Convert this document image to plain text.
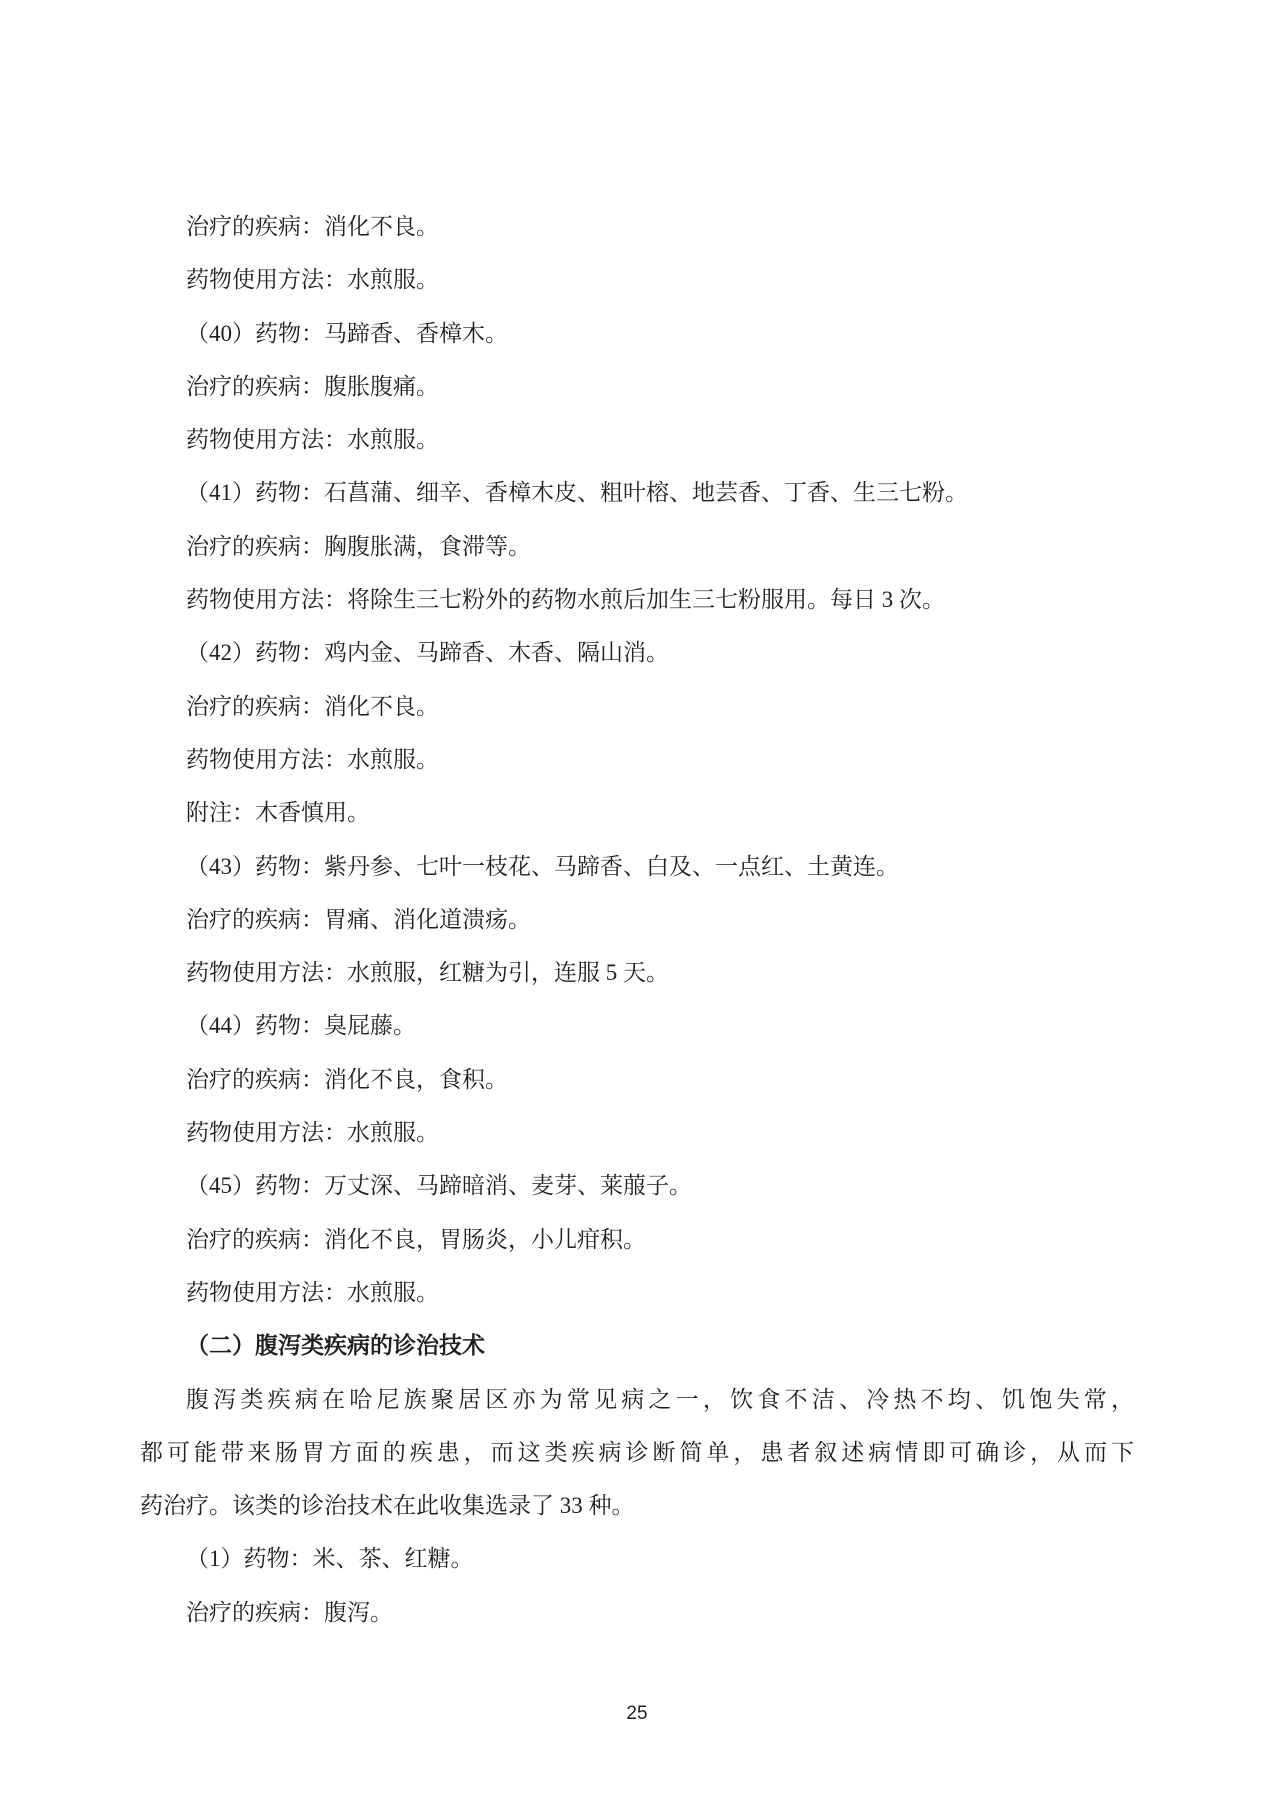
治疗的疾病：消化不良。
药物使用方法：水煎服。
（40）药物：马蹄香、香樟木。
治疗的疾病：腹胀腹痛。
药物使用方法：水煎服。
（41）药物：石菖蒲、细辛、香樟木皮、粗叶榕、地芸香、丁香、生三七粉。
治疗的疾病：胸腹胀满，食滞等。
药物使用方法：将除生三七粉外的药物水煎后加生三七粉服用。每日 3 次。
（42）药物：鸡内金、马蹄香、木香、隔山消。
治疗的疾病：消化不良。
药物使用方法：水煎服。
附注：木香慎用。
（43）药物：紫丹参、七叶一枝花、马蹄香、白及、一点红、土黄连。
治疗的疾病：胃痛、消化道溃疡。
药物使用方法：水煎服，红糖为引，连服 5 天。
（44）药物：臭屁藤。
治疗的疾病：消化不良，食积。
药物使用方法：水煎服。
（45）药物：万丈深、马蹄暗消、麦芽、莱菔子。
治疗的疾病：消化不良，胃肠炎，小儿疳积。
药物使用方法：水煎服。
（二）腹泻类疾病的诊治技术
腹泻类疾病在哈尼族聚居区亦为常见病之一，饮食不洁、冷热不均、饥饱失常，
都可能带来肠胃方面的疾患，而这类疾病诊断简单，患者叙述病情即可确诊，从而下
药治疗。该类的诊治技术在此收集选录了 33 种。
（1）药物：米、茶、红糖。
治疗的疾病：腹泻。
25
